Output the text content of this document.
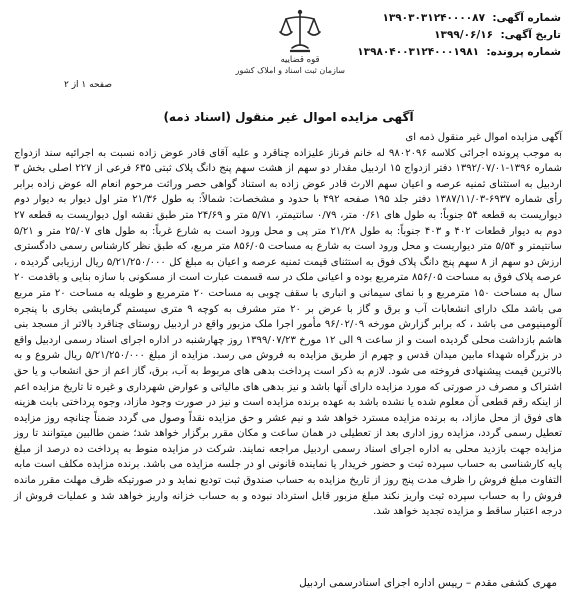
شماره آگهی: ۱۳۹۰۳۰۳۱۲۴۰۰۰۰۸۷
تاریخ آگهی: ۱۳۹۹/۰۶/۱۶
شماره پرونده: ۱۳۹۸۰۴۰۰۳۱۲۴۰۰۰۱۹۸۱
قوه قضاییه
سازمان ثبت اسناد و املاک کشور
صفحه ۱ از ۲
آگهی مزایده اموال غیر منقول (اسناد ذمه)

آگهی مزایده اموال غیر منقول ذمه ای

به موجب پرونده اجرائی کلاسه ۹۸۰۲۰۹۶ له خانم فرناز علیزاده چناقرد و علیه آقای قادر عوض زاده نسبت به اجرائیه سند ازدواج شماره ۱۳۹۶-۱۳۹۲/۰۷/۰۱ دفتر ازدواج ۱۵ اردبیل مقدار دو سهم از هشت سهم پنج دانگ پلاک ثبتی ۶۳۵ فرعی از ۲۲۷ اصلی بخش ۳ اردبیل به استثنای ثمنیه عرصه و اعیان سهم الارث قادر عوض زاده به استناد گواهی حصر وراثت مرحوم انعام اله عوض زاده برابر رأی شماره ۶۹۳۷-۱۳۸۷/۱۱/۰۳ دفتر جلد ۱۹۵ صفحه ۴۹۲ با حدود و مشخصات: شمالاً: به طول ۲۱/۳۶ متر اول دیوار به دیوار دوم دیواریست به قطعه ۵۴ جنوباً: به طول های ۰/۶۱ متر، ۰/۷۹ سانتیمتر، ۵/۷۱ متر و ۲۴/۶۹ متر طبق نقشه اول دیواریست به قطعه ۲۷ دوم به دیوار قطعات ۴۰۲ و ۴۰۳ جنوباً: به طول ۲۱/۲۸ متر پی و محل ورود است به شارع غرباً: به طول های ۲۵/۰۷ متر و ۵/۲۱ سانتیمتر و ۵/۵۴ متر دیواریست و محل ورود است به شارع به مساحت ۸۵۶/۰۵ متر مربع، که طبق نظر کارشناس رسمی دادگستری ارزش دو سهم از ۸ سهم پنج دانگ پلاک فوق به استثنای قیمت ثمنیه عرصه و اعیان به مبلغ کل ۵/۲۱/۲۵۰/۰۰۰ ریال ارزیابی گردیده ، عرصه پلاک فوق به مساحت ۸۵۶/۰۵ مترمربع بوده و اعیانی ملک در سه قسمت عبارت است از مسکونی با سازه بنایی و باقدمت ۲۰ سال به مساحت ۱۵۰ مترمربع و با نمای سیمانی و انباری با سقف چوبی به مساحت ۲۰ مترمربع و طویله به مساحت ۲۰ متر مربع می باشد ملک دارای انشعابات آب و برق و گاز با عرض بر ۲۰ متر مشرف به کوچه ۹ متری سیستم گرمایشی بخاری با پنجره آلومینیومی می باشد ، که برابر گزارش مورخه ۹۶/۰۲/۰۹ مأمور اجرا ملک مزبور واقع در اردبیل روستای چناقرد بالاتر از مسجد بنی هاشم بازداشت محلی گردیده است و از ساعت ۹ الی ۱۲ مورخ ۱۳۹۹/۰۷/۲۳ روز چهارشنبه در اداره اجرای اسناد رسمی اردبیل واقع در بزرگراه شهداء مابین میدان قدس و چهرم از طریق مزایده به فروش می رسد. مزایده از مبلغ ۵/۲۱/۲۵۰/۰۰۰ ریال شروع و به بالاترین قیمت پیشنهادی فروخته می شود. لازم به ذکر است پرداخت بدهی های مربوط به آب، برق، گاز اعم از حق انشعاب و یا حق اشتراک و مصرف در صورتی که مورد مزایده دارای آنها باشد و نیز بدهی های مالیاتی و عوارض شهرداری و غیره تا تاریخ مزایده اعم از اینکه رقم قطعی آن معلوم شده یا نشده باشد به عهده برنده مزایده است و نیز در صورت وجود مازاد، وجوه پرداختی بابت هزینه های فوق از محل مازاد، به برنده مزایده مسترد خواهد شد و نیم عشر و حق مزایده نقداً وصول می گردد ضمناً چنانچه روز مزایده تعطیل رسمی گردد، مزایده روز اداری بعد از تعطیلی در همان ساعت و مکان مقرر برگزار خواهد شد؛ ضمن طالبین میتوانند تا روز مزایده جهت بازدید محلی به اداره اجرای اسناد رسمی اردبیل مراجعه نمایند. شرکت در مزایده منوط به پرداخت ده درصد از مبلغ پایه کارشناسی به حساب سپرده ثبت و حضور خریدار یا نماینده قانونی او در جلسه مزایده می باشد. برنده مزایده مکلف است مابه التفاوت مبلغ فروش را ظرف مدت پنج روز از تاریخ مزایده به حساب صندوق ثبت تودیع نماید و در صورتیکه ظرف مهلت مقرر مانده فروش را به حساب سپرده ثبت واریز نکند مبلغ مزبور قابل استرداد نبوده و به حساب خزانه واریز خواهد شد و عملیات فروش از درجه اعتبار ساقط و مزایده تجدید خواهد شد.

مهری کشفی مقدم – رییس اداره اجرای اسنادرسمی اردبیل
